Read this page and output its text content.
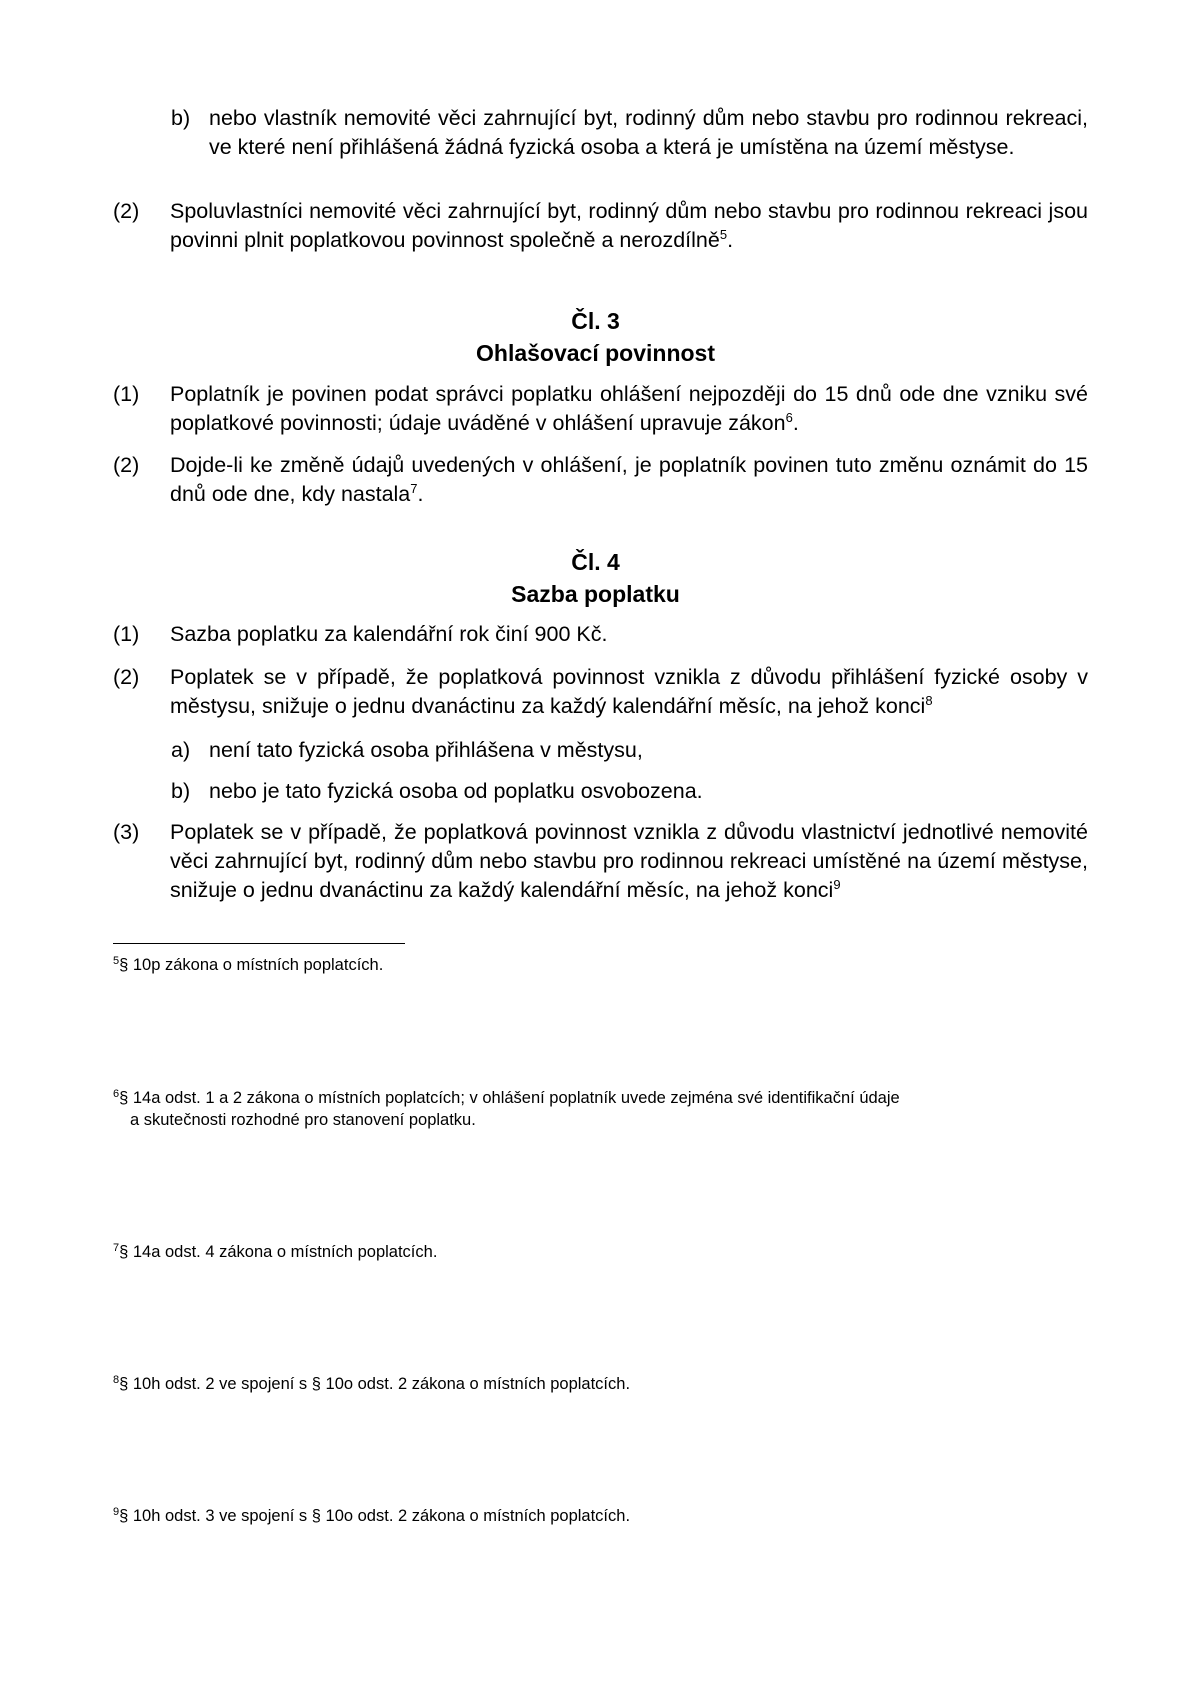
b) nebo vlastník nemovité věci zahrnující byt, rodinný dům nebo stavbu pro rodinnou rekreaci, ve které není přihlášená žádná fyzická osoba a která je umístěna na území městyse.
(2) Spoluvlastníci nemovité věci zahrnující byt, rodinný dům nebo stavbu pro rodinnou rekreaci jsou povinni plnit poplatkovou povinnost společně a nerozdílně$^5$.
Čl. 3
Ohlašovací povinnost
(1) Poplatník je povinen podat správci poplatku ohlášení nejpozději do 15 dnů ode dne vzniku své poplatkové povinnosti; údaje uváděné v ohlášení upravuje zákon$^6$.
(2) Dojde-li ke změně údajů uvedených v ohlášení, je poplatník povinen tuto změnu oznámit do 15 dnů ode dne, kdy nastala$^7$.
Čl. 4
Sazba poplatku
(1) Sazba poplatku za kalendářní rok činí 900 Kč.
(2) Poplatek se v případě, že poplatková povinnost vznikla z důvodu přihlášení fyzické osoby v městysu, snižuje o jednu dvanáctinu za každý kalendářní měsíc, na jehož konci$^8$
a) není tato fyzická osoba přihlášena v městysu,
b) nebo je tato fyzická osoba od poplatku osvobozena.
(3) Poplatek se v případě, že poplatková povinnost vznikla z důvodu vlastnictví jednotlivé nemovité věci zahrnující byt, rodinný dům nebo stavbu pro rodinnou rekreaci umístěné na území městyse, snižuje o jednu dvanáctinu za každý kalendářní měsíc, na jehož konci$^9$
$^5$§ 10p zákona o místních poplatcích.
$^6$§ 14a odst. 1 a 2 zákona o místních poplatcích; v ohlášení poplatník uvede zejména své identifikační údaje
a skutečnosti rozhodné pro stanovení poplatku.
$^7$§ 14a odst. 4 zákona o místních poplatcích.
$^8$§ 10h odst. 2 ve spojení s § 10o odst. 2 zákona o místních poplatcích.
$^9$§ 10h odst. 3 ve spojení s § 10o odst. 2 zákona o místních poplatcích.
